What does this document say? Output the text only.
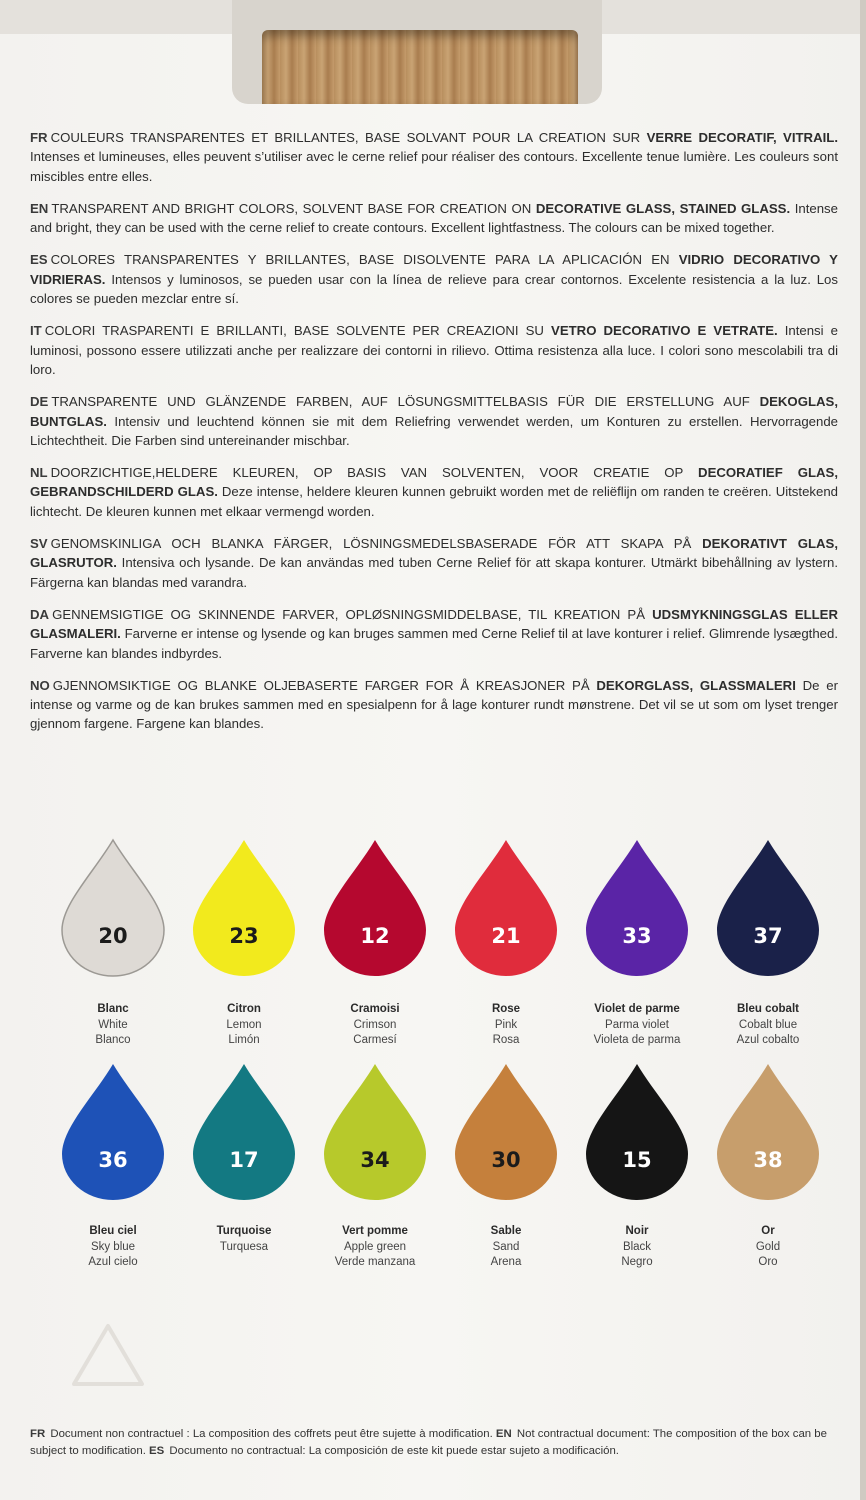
FR COULEURS TRANSPARENTES ET BRILLANTES, BASE SOLVANT POUR LA CREATION SUR VERRE DECORATIF, VITRAIL. Intenses et lumineuses, elles peuvent s’utiliser avec le cerne relief pour réaliser des contours. Excellente tenue lumière. Les couleurs sont miscibles entre elles.

EN TRANSPARENT AND BRIGHT COLORS, SOLVENT BASE FOR CREATION ON DECORATIVE GLASS, STAINED GLASS. Intense and bright, they can be used with the cerne relief to create contours. Excellent lightfastness. The colours can be mixed together.

ES COLORES TRANSPARENTES Y BRILLANTES, BASE DISOLVENTE PARA LA APLICACIÓN EN VIDRIO DECORATIVO Y VIDRIERAS. Intensos y luminosos, se pueden usar con la línea de relieve para crear contornos. Excelente resistencia a la luz. Los colores se pueden mezclar entre sí.

IT COLORI TRASPARENTI E BRILLANTI, BASE SOLVENTE PER CREAZIONI SU VETRO DECORATIVO E VETRATE. Intensi e luminosi, possono essere utilizzati anche per realizzare dei contorni in rilievo. Ottima resistenza alla luce. I colori sono mescolabili tra di loro.

DE TRANSPARENTE UND GLÄNZENDE FARBEN, AUF LÖSUNGSMITTELBASIS FÜR DIE ERSTELLUNG AUF DEKOGLAS, BUNTGLAS. Intensiv und leuchtend können sie mit dem Reliefring verwendet werden, um Konturen zu erstellen. Hervorragende Lichtechtheit. Die Farben sind untereinander mischbar.

NL DOORZICHTIGE,HELDERE KLEUREN, OP BASIS VAN SOLVENTEN, VOOR CREATIE OP DECORATIEF GLAS, GEBRANDSCHILDERD GLAS. Deze intense, heldere kleuren kunnen gebruikt worden met de reliëflijn om randen te creëren. Uitstekend lichtecht. De kleuren kunnen met elkaar vermengd worden.

SV GENOMSKINLIGA OCH BLANKA FÄRGER, LÖSNINGSMEDELSBASERADE FÖR ATT SKAPA PÅ DEKORATIVT GLAS, GLASRUTOR. Intensiva och lysande. De kan användas med tuben Cerne Relief för att skapa konturer. Utmärkt bibehållning av lystern. Färgerna kan blandas med varandra.

DA GENNEMSIGTIGE OG SKINNENDE FARVER, OPLØSNINGSMIDDELBASE, TIL KREATION PÅ UDSMYKNINGSGLAS ELLER GLASMALERI. Farverne er intense og lysende og kan bruges sammen med Cerne Relief til at lave konturer i relief. Glimrende lysægthed. Farverne kan blandes indbyrdes.

NO GJENNOMSIKTIGE OG BLANKE OLJEBASERTE FARGER FOR Å KREASJONER PÅ DEKORGLASS, GLASSMALERI De er intense og varme og de kan brukes sammen med en spesialpenn for å lage konturer rundt mønstrene. Det vil se ut som om lyset trenger gjennom fargene. Fargene kan blandes.

20
Blanc
White
Blanco
23
Citron
Lemon
Limón
12
Cramoisi
Crimson
Carmesí
21
Rose
Pink
Rosa
33
Violet de parme
Parma violet
Violeta de parma
37
Bleu cobalt
Cobalt blue
Azul cobalto
36
Bleu ciel
Sky blue
Azul cielo
17
Turquoise
Turquesa
34
Vert pomme
Apple green
Verde manzana
30
Sable
Sand
Arena
15
Noir
Black
Negro
38
Or
Gold
Oro
FR Document non contractuel : La composition des coffrets peut être sujette à modification. EN Not contractual document: The composition of the box can be subject to modification. ES Documento no contractual: La composición de este kit puede estar sujeto a modificación.
